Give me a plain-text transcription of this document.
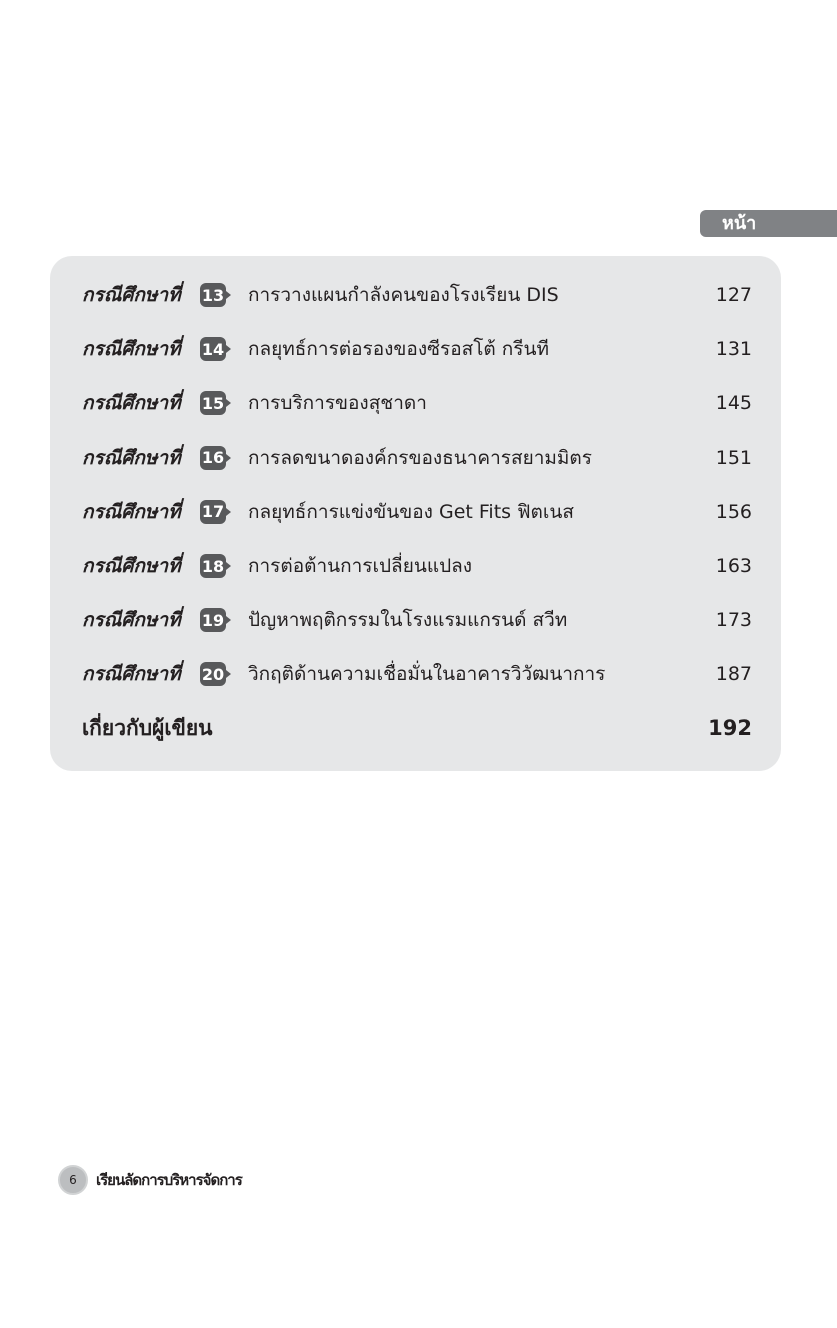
หน้า
กรณีศึกษาที่	13 การวางแผนกำลังคนของโรงเรียน DIS	127
กรณีศึกษาที่	14 กลยุทธ์การต่อรองของซีรอสโต้ กรีนที	131
กรณีศึกษาที่	15 การบริการของสุชาดา	145
กรณีศึกษาที่	16 การลดขนาดองค์กรของธนาคารสยามมิตร	151
กรณีศึกษาที่	17 กลยุทธ์การแข่งขันของ Get Fits ฟิตเนส	156
กรณีศึกษาที่	18 การต่อต้านการเปลี่ยนแปลง	163
กรณีศึกษาที่	19 ปัญหาพฤติกรรมในโรงแรมแกรนด์ สวีท	173
กรณีศึกษาที่	20 วิกฤติด้านความเชื่อมั่นในอาคารวิวัฒนาการ	187
เกี่ยวกับผู้เขียน	192
6	เรียนลัดการบริหารจัดการ
